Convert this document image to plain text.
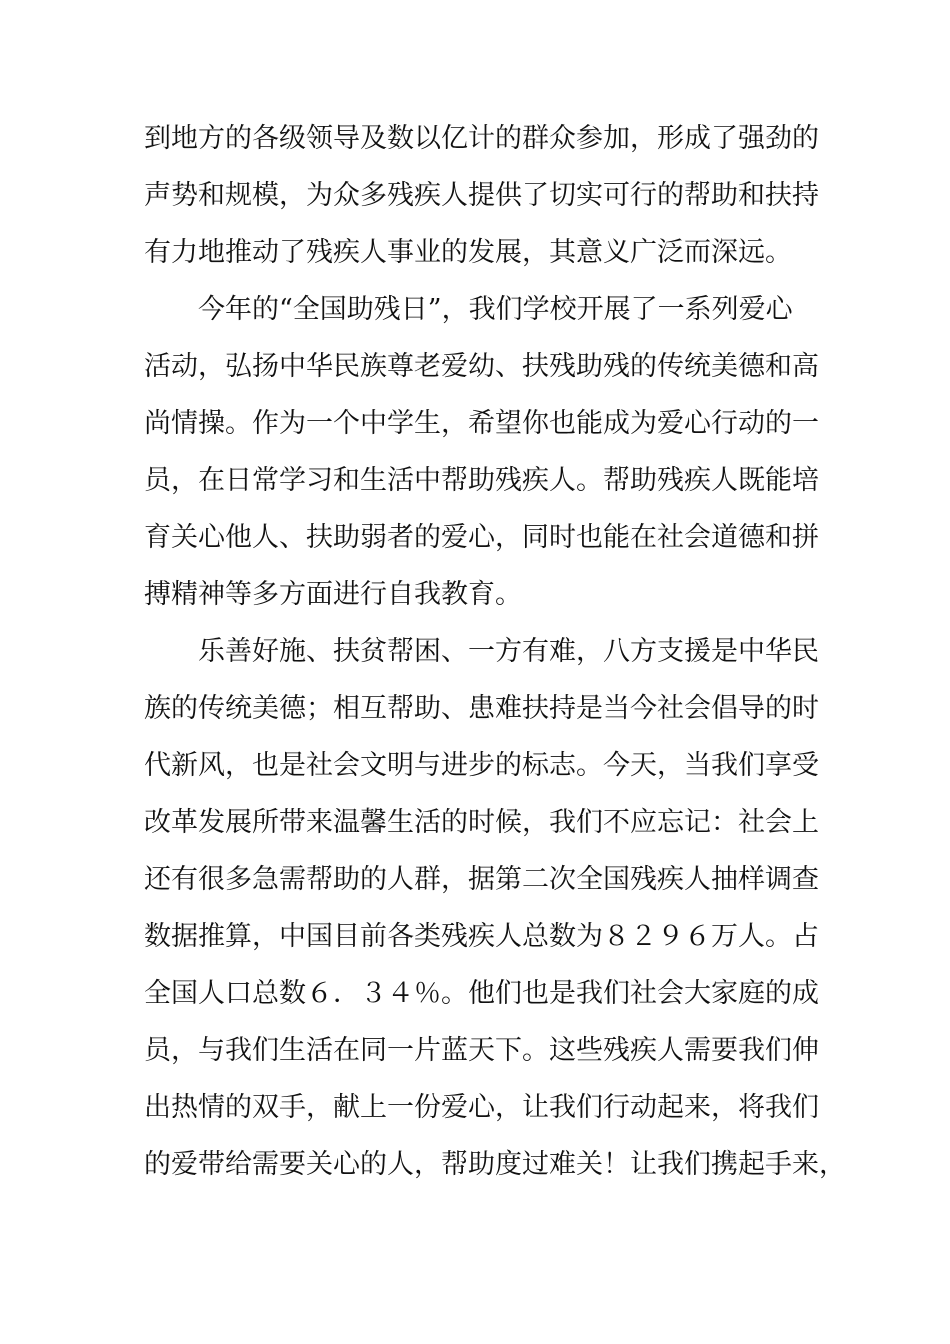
到地方的各级领导及数以亿计的群众参加，形成了强劲的
声势和规模，为众多残疾人提供了切实可行的帮助和扶持
有力地推动了残疾人事业的发展，其意义广泛而深远。
今年的“全国助残日”，我们学校开展了一系列爱心
活动，弘扬中华民族尊老爱幼、扶残助残的传统美德和高
尚情操。作为一个中学生，希望你也能成为爱心行动的一
员，在日常学习和生活中帮助残疾人。帮助残疾人既能培
育关心他人、扶助弱者的爱心，同时也能在社会道德和拼
搏精神等多方面进行自我教育。
乐善好施、扶贫帮困、一方有难，八方支援是中华民
族的传统美德；相互帮助、患难扶持是当今社会倡导的时
代新风，也是社会文明与进步的标志。今天，当我们享受
改革发展所带来温馨生活的时候，我们不应忘记：社会上
还有很多急需帮助的人群，据第二次全国残疾人抽样调查
数据推算，中国目前各类残疾人总数为８２９６万人。占
全国人口总数６．３４％。他们也是我们社会大家庭的成
员，与我们生活在同一片蓝天下。这些残疾人需要我们伸
出热情的双手，献上一份爱心，让我们行动起来，将我们
的爱带给需要关心的人，帮助度过难关！让我们携起手来，
